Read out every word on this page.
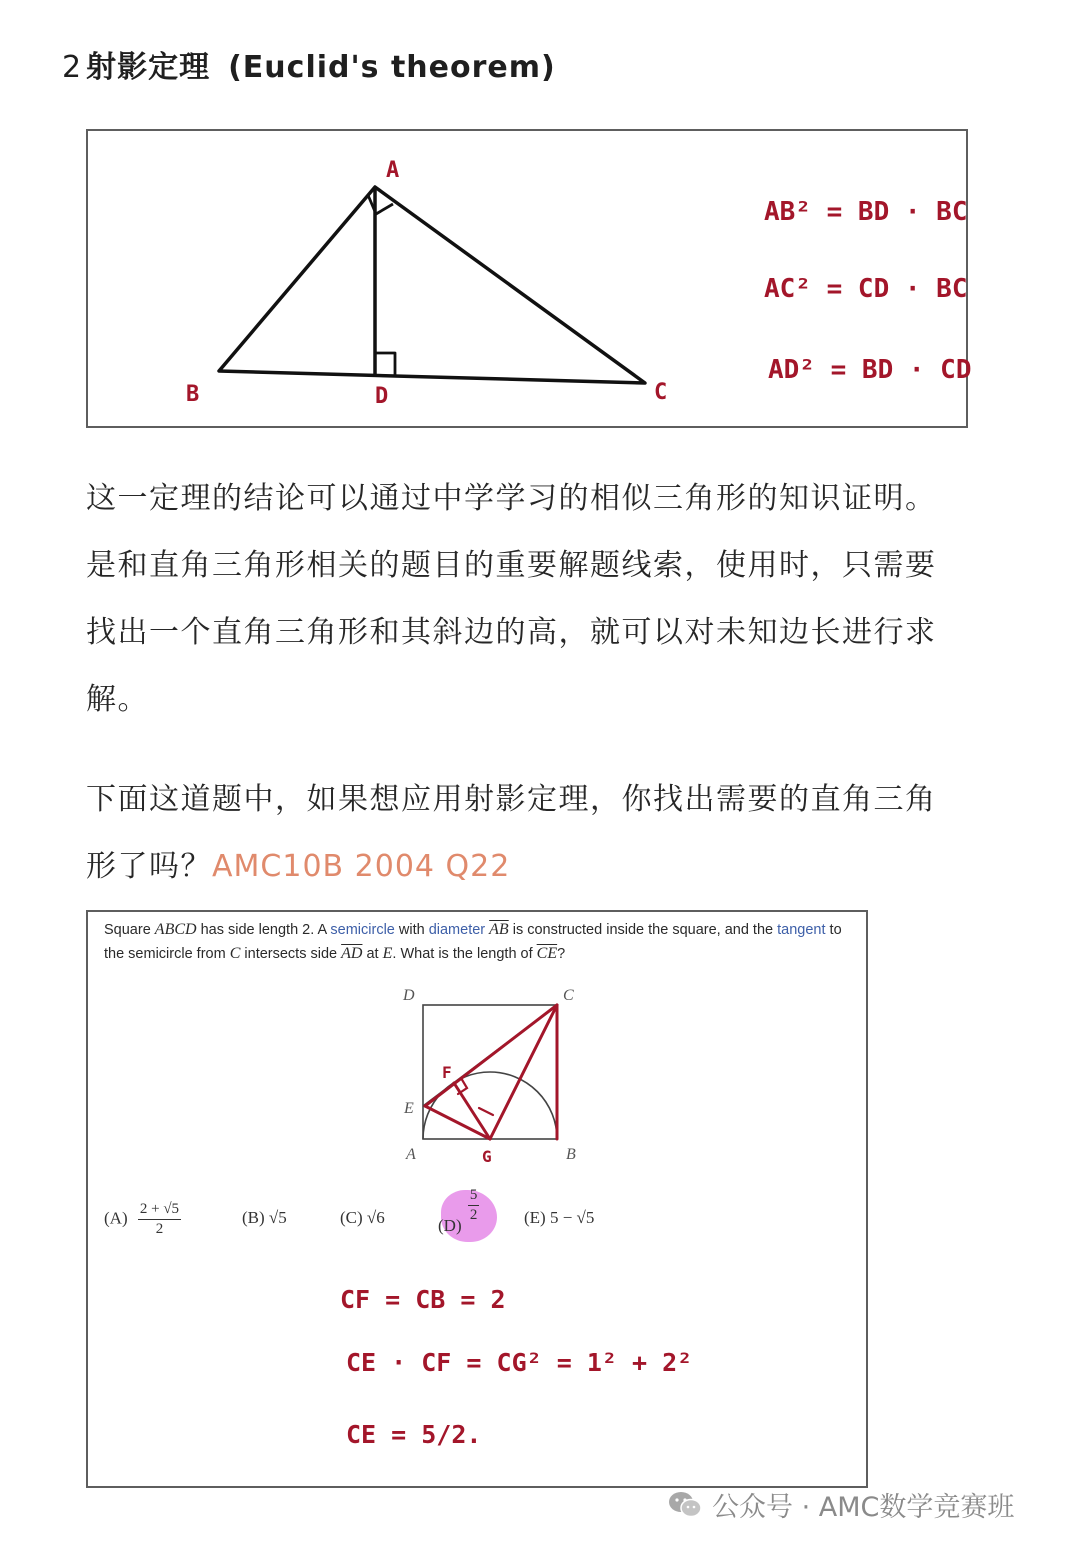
2 射影定理 (Euclid's theorem)
A
B	C
D
AB² = BD · BC
AC² = CD · BC
AD² = BD · CD
这一定理的结论可以通过中学学习的相似三角形的知识证明。是和直角三角形相关的题目的重要解题线索，使用时，只需要找出一个直角三角形和其斜边的高，就可以对未知边长进行求解。
下面这道题中，如果想应用射影定理，你找出需要的直角三角形了吗？AMC10B 2004 Q22
Square ABCD has side length 2. A semicircle with diameter $\overline{AB}$ is constructed inside the square, and the tangent to the semicircle from C intersects side $\overline{AD}$ at E. What is the length of $\overline{CE}$?
D	C
E
A	B
F
G
$(A) \frac{2 + √5}{2}$	(B) √5	(C) √6	(D)
$\frac{5}{2}$	(E) 5 − √5
CF = CB = 2
CE · CF = CG² = 1² + 2²
CE = 5/2.
公众号 · AMC数学竞赛班
